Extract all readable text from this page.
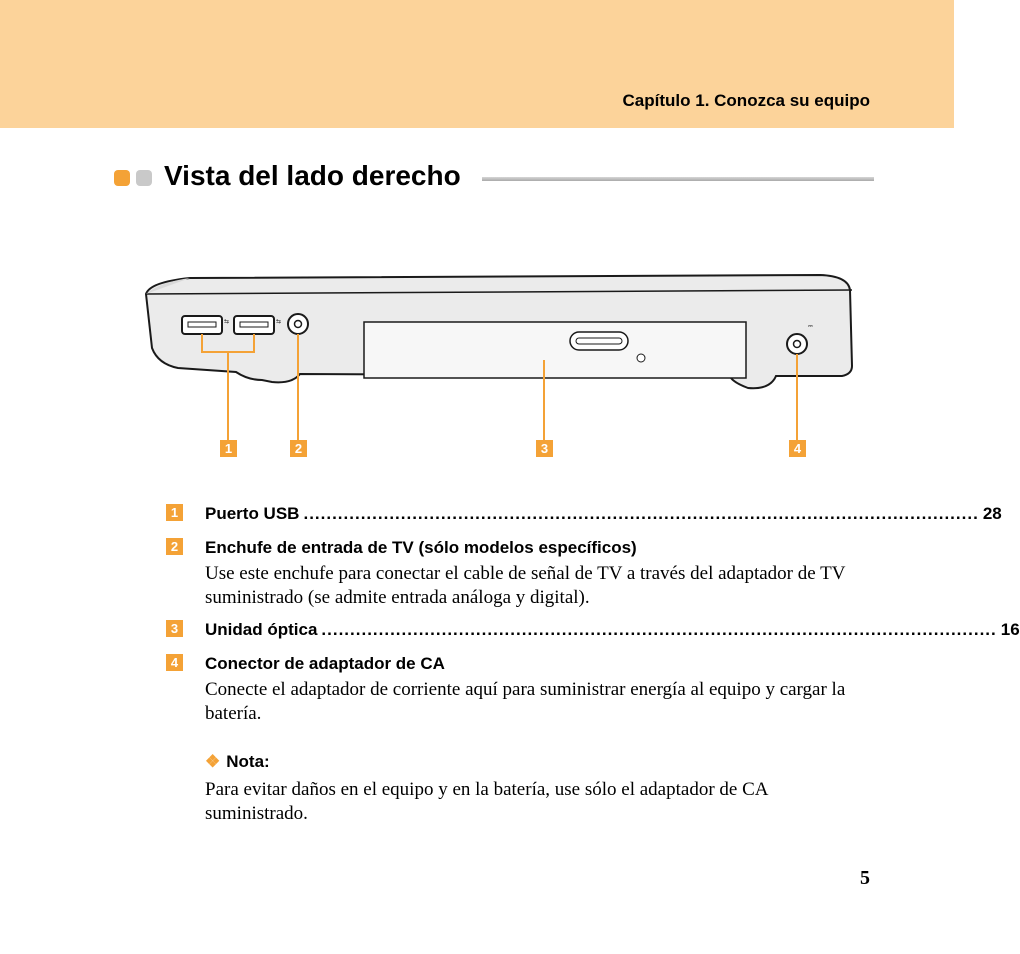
Capítulo 1. Conozca su equipo
Vista del lado derecho
⇆	⇆
⎓
1	2	3	4
1 Puerto USB ...................................................................................................................... 28
2 Enchufe de entrada de TV (sólo modelos específicos)
Use este enchufe para conectar el cable de señal de TV a través del adaptador de TV suministrado (se admite entrada análoga y digital).
3 Unidad óptica ...................................................................................................................... 16
4 Conector de adaptador de CA
Conecte el adaptador de corriente aquí para suministrar energía al equipo y cargar la batería.
❖ Nota:
Para evitar daños en el equipo y en la batería, use sólo el adaptador de CA suministrado.
5
